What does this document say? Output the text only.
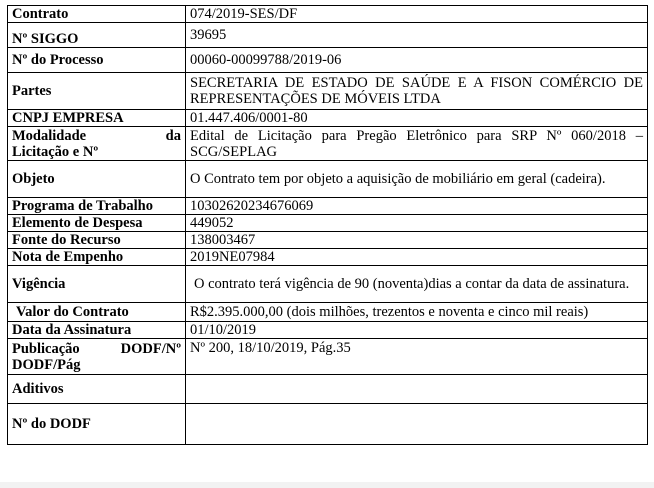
Contrato	074/2019-SES/DF
Nº SIGGO	39695
Nº do Processo	00060-00099788/2019-06
Partes	SECRETARIA DE ESTADO DE SAÚDE E A FISON COMÉRCIO DE REPRESENTAÇÕES DE MÓVEIS LTDA
CNPJ EMPRESA	01.447.406/0001-80

Modalidade da
Licitação e Nº	Edital de Licitação para Pregão Eletrônico para SRP Nº 060/2018 – SCG/SEPLAG
Objeto	O Contrato tem por objeto a aquisição de mobiliário em geral (cadeira).
Programa de Trabalho	10302620234676069
Elemento de Despesa	449052
Fonte do Recurso	138003467
Nota de Empenho	2019NE07984
Vigência	O contrato terá vigência de 90 (noventa)dias a contar da data de assinatura.
Valor do Contrato	R$2.395.000,00 (dois milhões, trezentos e noventa e cinco mil reais)
Data da Assinatura	01/10/2019

Publicação DODF/Nº
DODF/Pág	Nº 200, 18/10/2019, Pág.35
Aditivos	
Nº do DODF	
